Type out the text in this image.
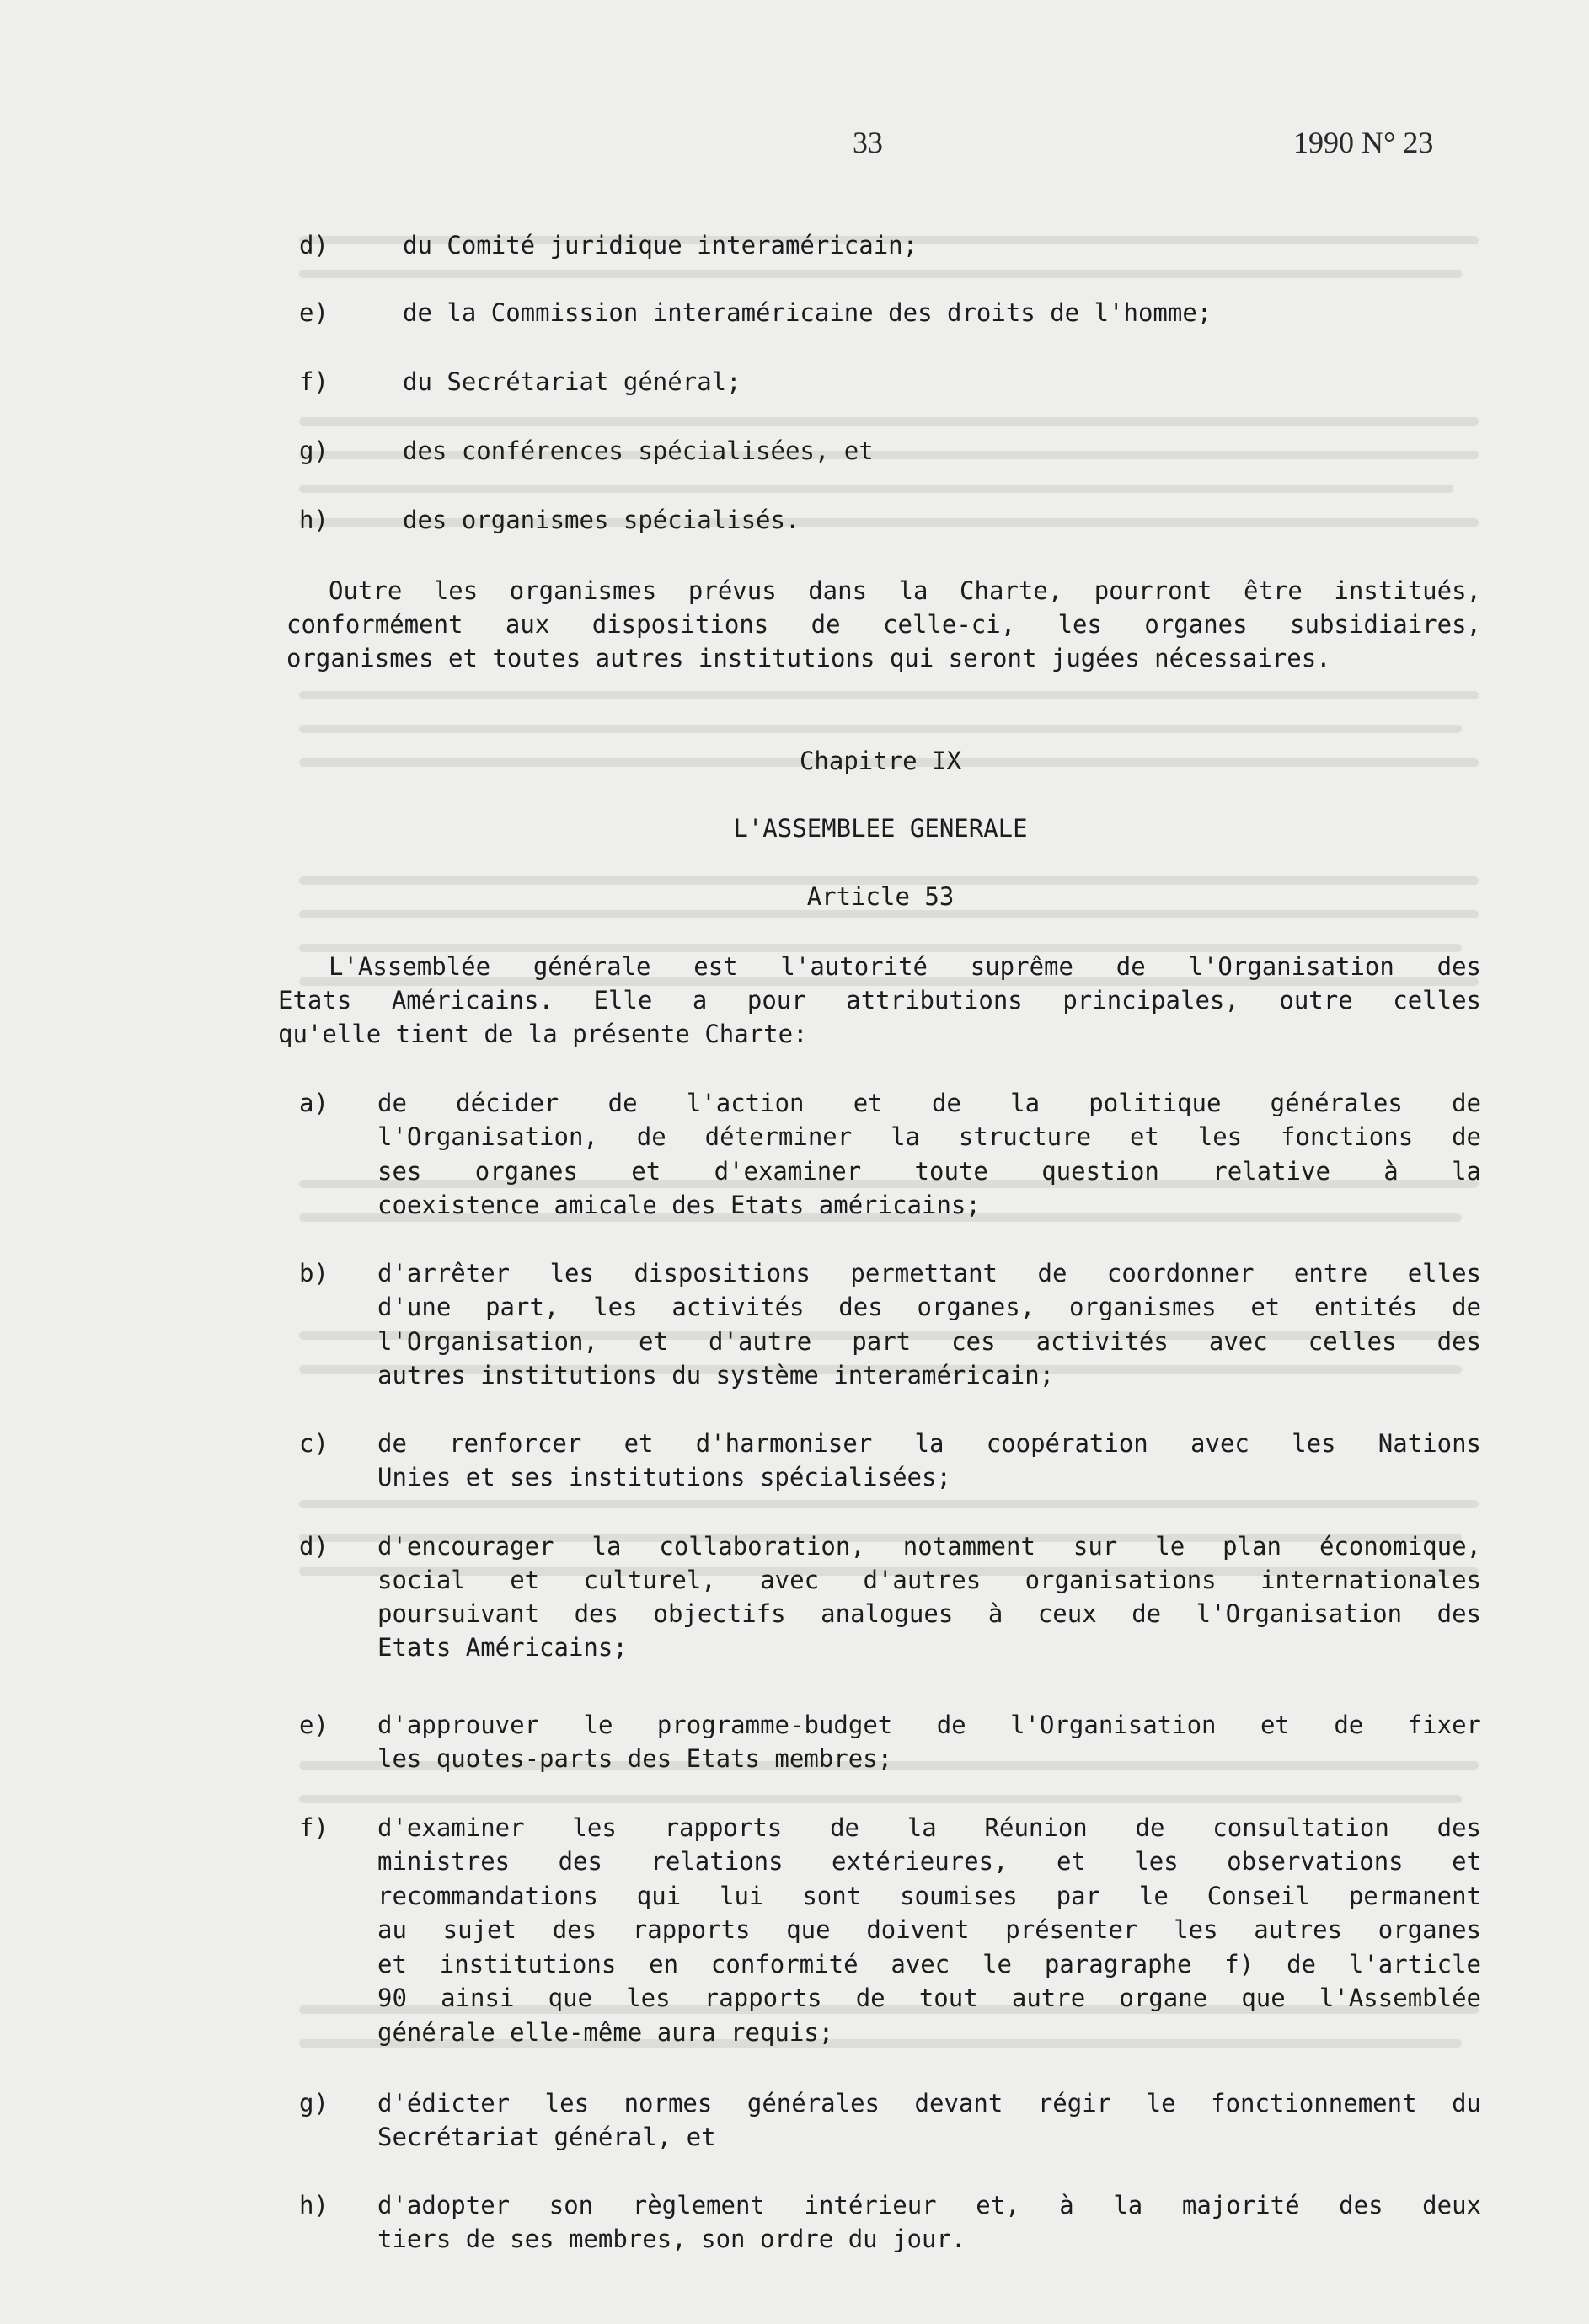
33	1990 N° 23
d)	du Comité juridique interaméricain;
e)	de la Commission interaméricaine des droits de l'homme;
f)	du Secrétariat général;
g)	des conférences spécialisées, et
h)	des organismes spécialisés.
Outre les organismes prévus dans la Charte, pourront être institués,
conformément aux dispositions de celle-ci, les organes subsidiaires,
organismes et toutes autres institutions qui seront jugées nécessaires.
Chapitre IX
L'ASSEMBLEE GENERALE
Article 53
L'Assemblée générale est l'autorité suprême de l'Organisation des
Etats Américains. Elle a pour attributions principales, outre celles
qu'elle tient de la présente Charte:
a) de décider de l'action et de la politique générales de
l'Organisation, de déterminer la structure et les fonctions de
ses organes et d'examiner toute question relative à la
coexistence amicale des Etats américains;
b) d'arrêter les dispositions permettant de coordonner entre elles
d'une part, les activités des organes, organismes et entités de
l'Organisation, et d'autre part ces activités avec celles des
autres institutions du système interaméricain;
c) de renforcer et d'harmoniser la coopération avec les Nations
Unies et ses institutions spécialisées;
d) d'encourager la collaboration, notamment sur le plan économique,
social et culturel, avec d'autres organisations internationales
poursuivant des objectifs analogues à ceux de l'Organisation des
Etats Américains;
e) d'approuver le programme-budget de l'Organisation et de fixer
les quotes-parts des Etats membres;
f) d'examiner les rapports de la Réunion de consultation des
ministres des relations extérieures, et les observations et
recommandations qui lui sont soumises par le Conseil permanent
au sujet des rapports que doivent présenter les autres organes
et institutions en conformité avec le paragraphe f) de l'article
90 ainsi que les rapports de tout autre organe que l'Assemblée
générale elle-même aura requis;
g) d'édicter les normes générales devant régir le fonctionnement du
Secrétariat général, et
h) d'adopter son règlement intérieur et, à la majorité des deux
tiers de ses membres, son ordre du jour.
